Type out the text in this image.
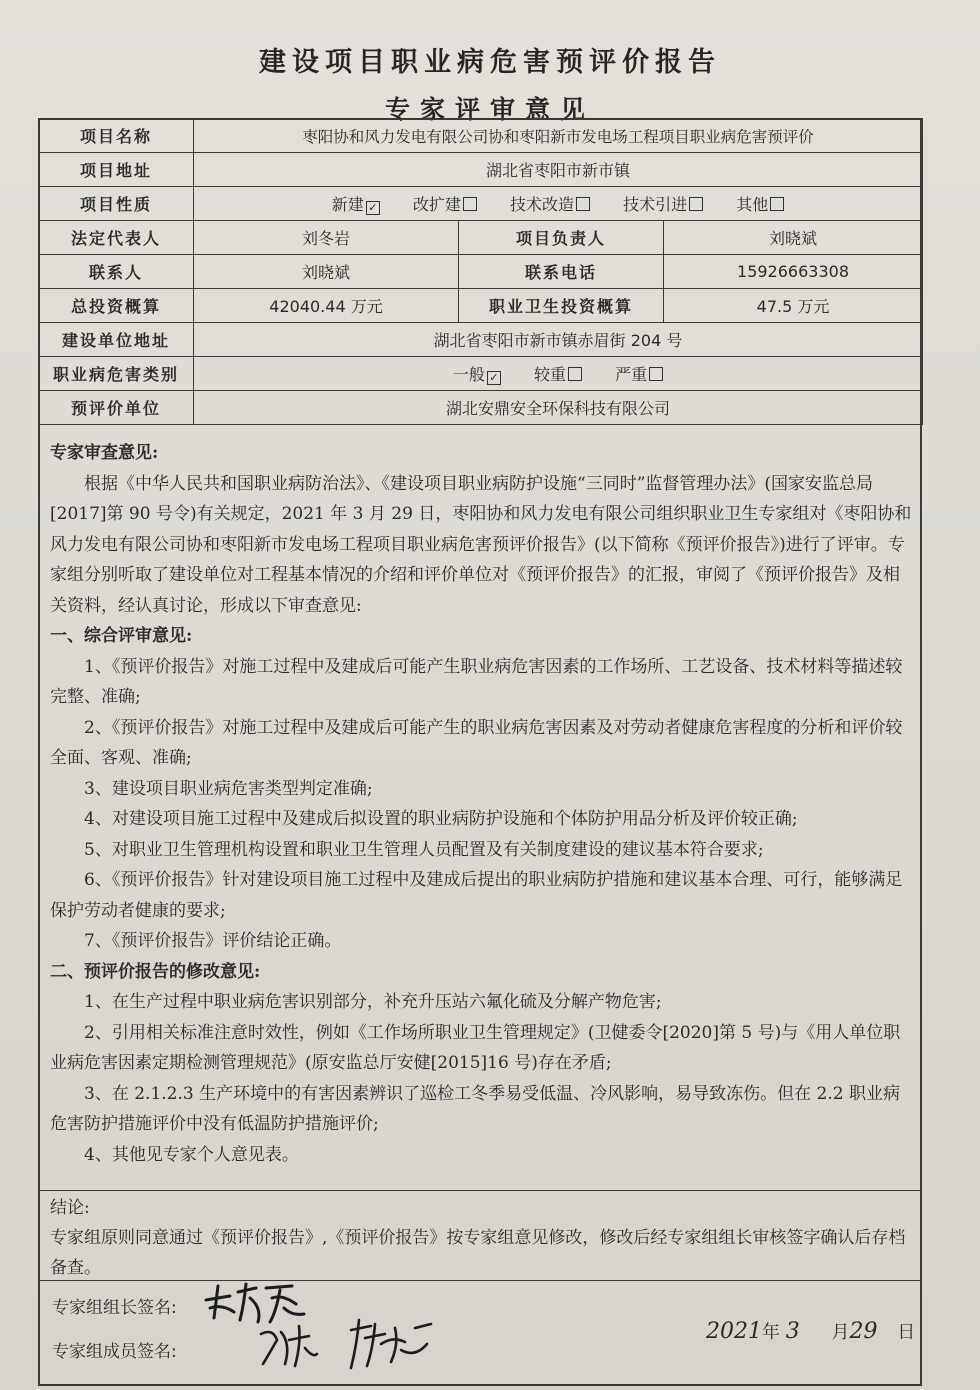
建设项目职业病危害预评价报告
专家评审意见
项目名称	枣阳协和风力发电有限公司协和枣阳新市发电场工程项目职业病危害预评价		
项目地址	湖北省枣阳市新市镇		
项目性质	新建 ✓ 改扩建 技术改造 技术引进 其他		
法定代表人	刘冬岩	项目负责人	刘晓斌
联系人	刘晓斌	联系电话	15926663308
总投资概算	42040.44 万元	职业卫生投资概算	47.5 万元
建设单位地址	湖北省枣阳市新市镇赤眉街 204 号		
职业病危害类别	一般 ✓ 较重 严重		
预评价单位	湖北安鼎安全环保科技有限公司		

专家审查意见:

根据《中华人民共和国职业病防治法》、《建设项目职业病防护设施“三同时”监督管理办法》(国家安监总局[2017]第 90 号令)有关规定，2021 年 3 月 29 日，枣阳协和风力发电有限公司组织职业卫生专家组对《枣阳协和风力发电有限公司协和枣阳新市发电场工程项目职业病危害预评价报告》(以下简称《预评价报告》)进行了评审。专家组分别听取了建设单位对工程基本情况的介绍和评价单位对《预评价报告》的汇报，审阅了《预评价报告》及相关资料，经认真讨论，形成以下审查意见:

一、综合评审意见:

1、《预评价报告》对施工过程中及建成后可能产生职业病危害因素的工作场所、工艺设备、技术材料等描述较完整、准确;

2、《预评价报告》对施工过程中及建成后可能产生的职业病危害因素及对劳动者健康危害程度的分析和评价较全面、客观、准确;

3、建设项目职业病危害类型判定准确;

4、对建设项目施工过程中及建成后拟设置的职业病防护设施和个体防护用品分析及评价较正确;

5、对职业卫生管理机构设置和职业卫生管理人员配置及有关制度建设的建议基本符合要求;

6、《预评价报告》针对建设项目施工过程中及建成后提出的职业病防护措施和建议基本合理、可行，能够满足保护劳动者健康的要求;

7、《预评价报告》评价结论正确。

二、预评价报告的修改意见:

1、在生产过程中职业病危害识别部分，补充升压站六氟化硫及分解产物危害;

2、引用相关标准注意时效性，例如《工作场所职业卫生管理规定》(卫健委令[2020]第 5 号)与《用人单位职业病危害因素定期检测管理规范》(原安监总厅安健[2015]16 号)存在矛盾;

3、在 2.1.2.3 生产环境中的有害因素辨识了巡检工冬季易受低温、冷风影响，易导致冻伤。但在 2.2 职业病危害防护措施评价中没有低温防护措施评价;

4、其他见专家个人意见表。

结论:

专家组原则同意通过《预评价报告》,《预评价报告》按专家组意见修改，修改后经专家组组长审核签字确认后存档备查。

专家组组长签名:
专家组成员签名:
2021年 3 月29 日
